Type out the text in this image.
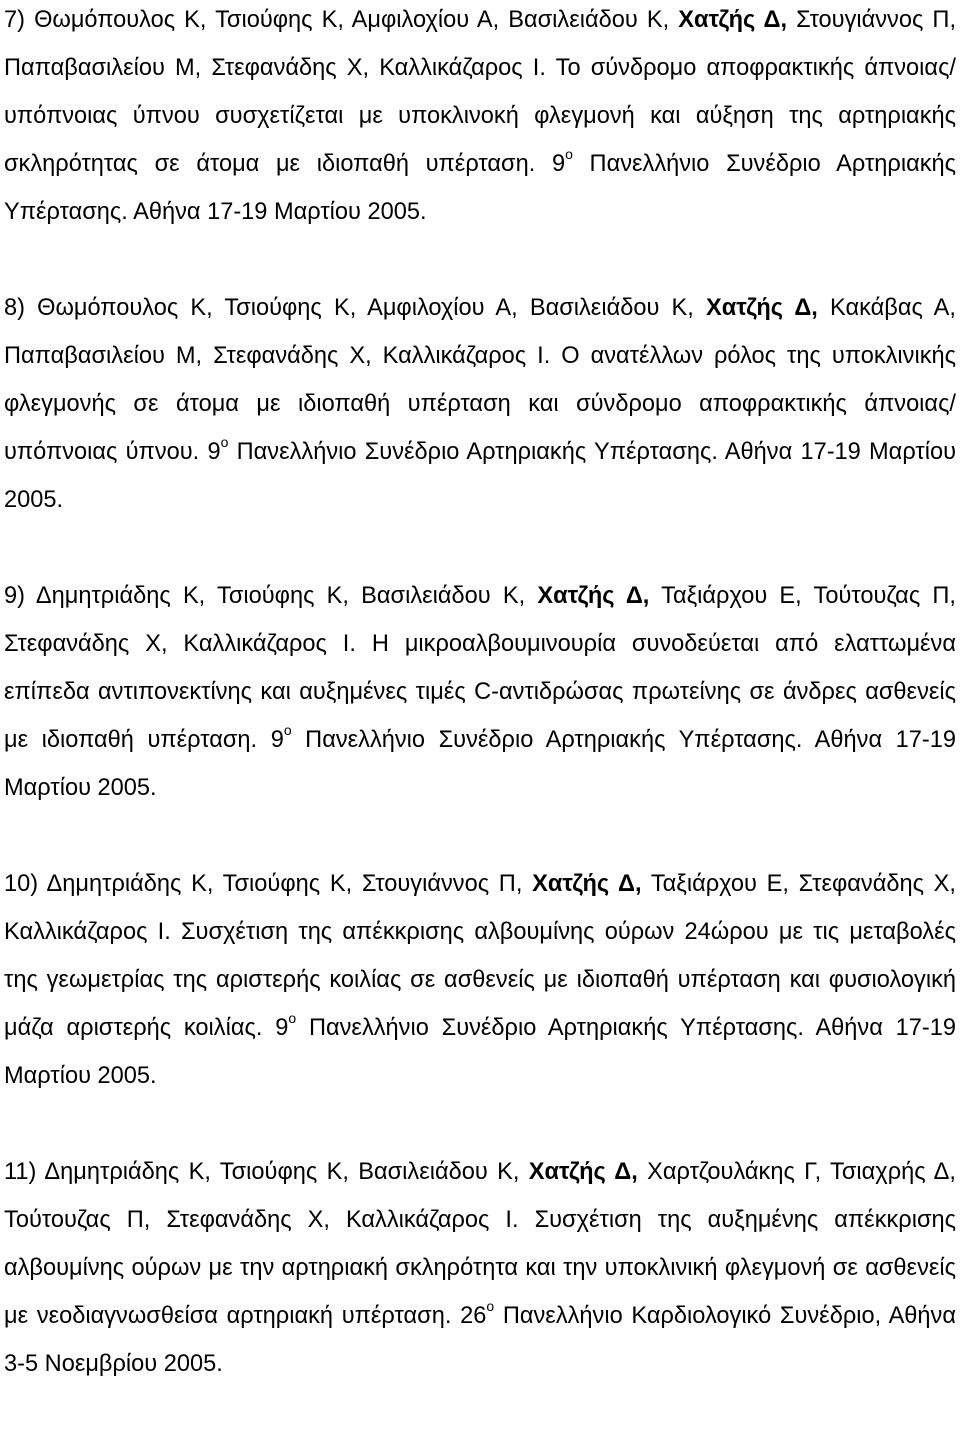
7) Θωμόπουλος Κ, Τσιούφης Κ, Αμφιλοχίου Α, Βασιλειάδου Κ, Χατζής Δ, Στουγιάννος Π, Παπαβασιλείου Μ, Στεφανάδης Χ, Καλλικάζαρος Ι. Το σύνδρομο αποφρακτικής άπνοιας/υπόπνοιας ύπνου συσχετίζεται με υποκλινοκή φλεγμονή και αύξηση της αρτηριακής σκληρότητας σε άτομα με ιδιοπαθή υπέρταση. $9^o$ Πανελλήνιο Συνέδριο Αρτηριακής Υπέρτασης. Αθήνα 17-19 Μαρτίου 2005.

8) Θωμόπουλος Κ, Τσιούφης Κ, Αμφιλοχίου Α, Βασιλειάδου Κ, Χατζής Δ, Κακάβας Α, Παπαβασιλείου Μ, Στεφανάδης Χ, Καλλικάζαρος Ι. Ο ανατέλλων ρόλος της υποκλινικής φλεγμονής σε άτομα με ιδιοπαθή υπέρταση και σύνδρομο αποφρακτικής άπνοιας/υπόπνοιας ύπνου. $9^o$ Πανελλήνιο Συνέδριο Αρτηριακής Υπέρτασης. Αθήνα 17-19 Μαρτίου 2005.

9) Δημητριάδης Κ, Τσιούφης Κ, Βασιλειάδου Κ, Χατζής Δ, Ταξιάρχου Ε, Τούτουζας Π, Στεφανάδης Χ, Καλλικάζαρος Ι. Η μικροαλβουμινουρία συνοδεύεται από ελαττωμένα επίπεδα αντιπονεκτίνης και αυξημένες τιμές C-αντιδρώσας πρωτείνης σε άνδρες ασθενείς με ιδιοπαθή υπέρταση. $9^o$ Πανελλήνιο Συνέδριο Αρτηριακής Υπέρτασης. Αθήνα 17-19 Μαρτίου 2005.

10) Δημητριάδης Κ, Τσιούφης Κ, Στουγιάννος Π, Χατζής Δ, Ταξιάρχου Ε, Στεφανάδης Χ, Καλλικάζαρος Ι. Συσχέτιση της απέκκρισης αλβουμίνης ούρων 24ώρου με τις μεταβολές της γεωμετρίας της αριστερής κοιλίας σε ασθενείς με ιδιοπαθή υπέρταση και φυσιολογική μάζα αριστερής κοιλίας. $9^o$ Πανελλήνιο Συνέδριο Αρτηριακής Υπέρτασης. Αθήνα 17-19 Μαρτίου 2005.

11) Δημητριάδης Κ, Τσιούφης Κ, Βασιλειάδου Κ, Χατζής Δ, Χαρτζουλάκης Γ, Τσιαχρής Δ, Τούτουζας Π, Στεφανάδης Χ, Καλλικάζαρος Ι. Συσχέτιση της αυξημένης απέκκρισης αλβουμίνης ούρων με την αρτηριακή σκληρότητα και την υποκλινική φλεγμονή σε ασθενείς με νεοδιαγνωσθείσα αρτηριακή υπέρταση. $26^o$ Πανελλήνιο Καρδιολογικό Συνέδριο, Αθήνα 3-5 Νοεμβρίου 2005.
